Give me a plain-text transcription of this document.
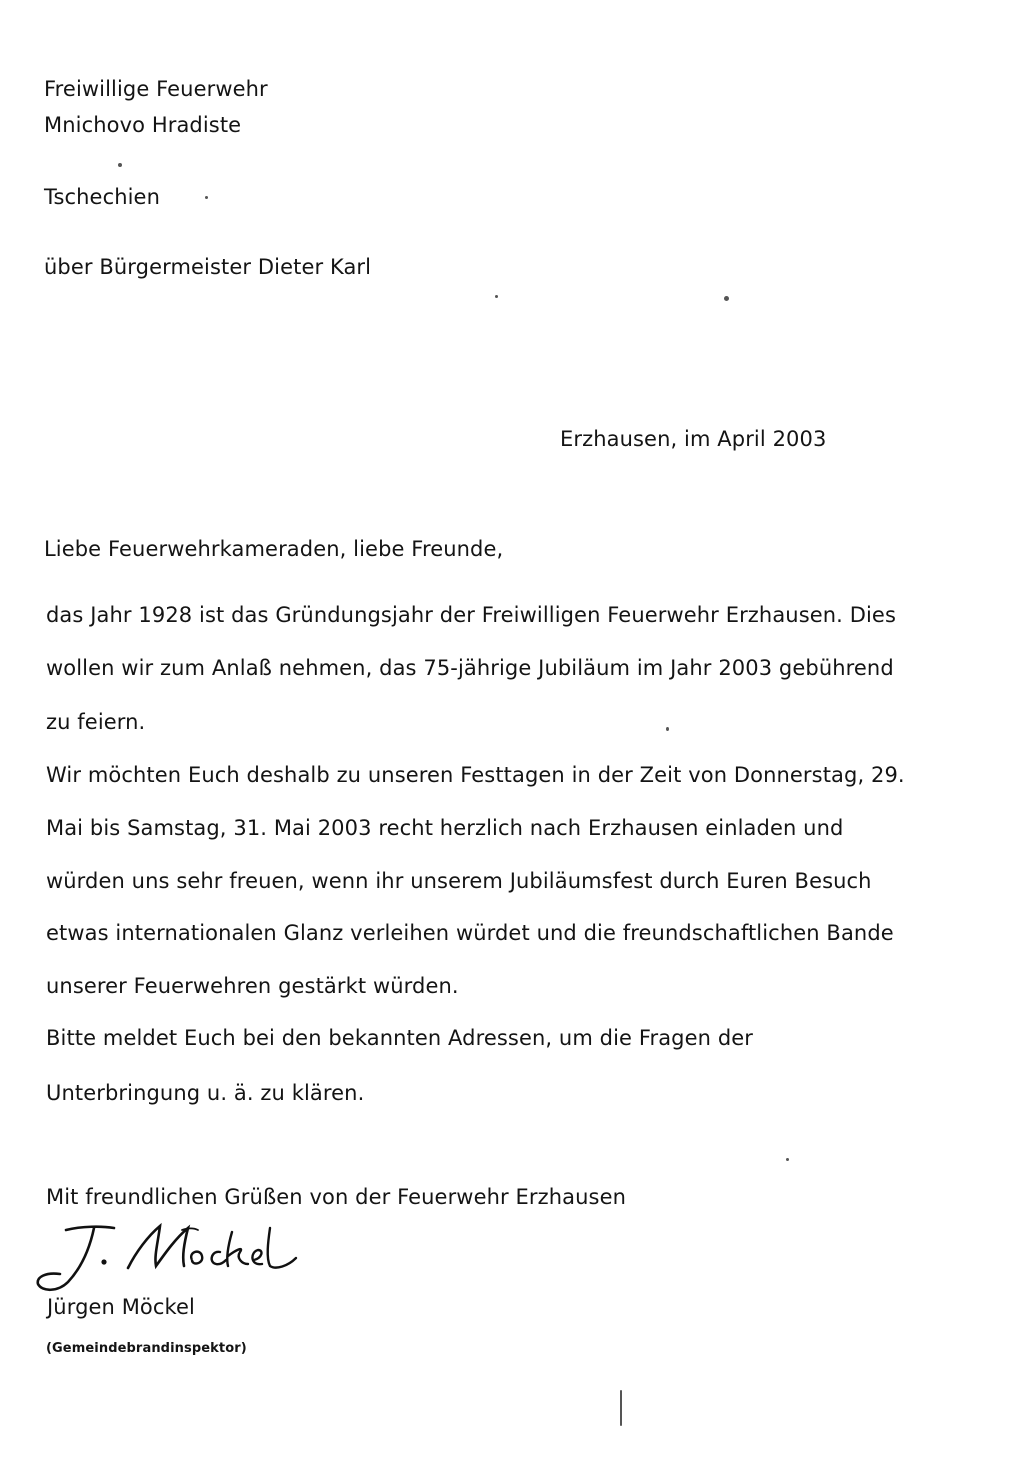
Freiwillige Feuerwehr
Mnichovo Hradiste
Tschechien
über Bürgermeister Dieter Karl
Erzhausen, im April 2003
Liebe Feuerwehrkameraden, liebe Freunde,
das Jahr 1928 ist das Gründungsjahr der Freiwilligen Feuerwehr Erzhausen. Dies
wollen wir zum Anlaß nehmen, das 75-jährige Jubiläum im Jahr 2003 gebührend
zu feiern.
Wir möchten Euch deshalb zu unseren Festtagen in der Zeit von Donnerstag, 29.
Mai bis Samstag, 31. Mai 2003 recht herzlich nach Erzhausen einladen und
würden uns sehr freuen, wenn ihr unserem Jubiläumsfest durch Euren Besuch
etwas internationalen Glanz verleihen würdet und die freundschaftlichen Bande
unserer Feuerwehren gestärkt würden.
Bitte meldet Euch bei den bekannten Adressen, um die Fragen der
Unterbringung u. ä. zu klären.
Mit freundlichen Grüßen von der Feuerwehr Erzhausen
Jürgen Möckel
(Gemeindebrandinspektor)
